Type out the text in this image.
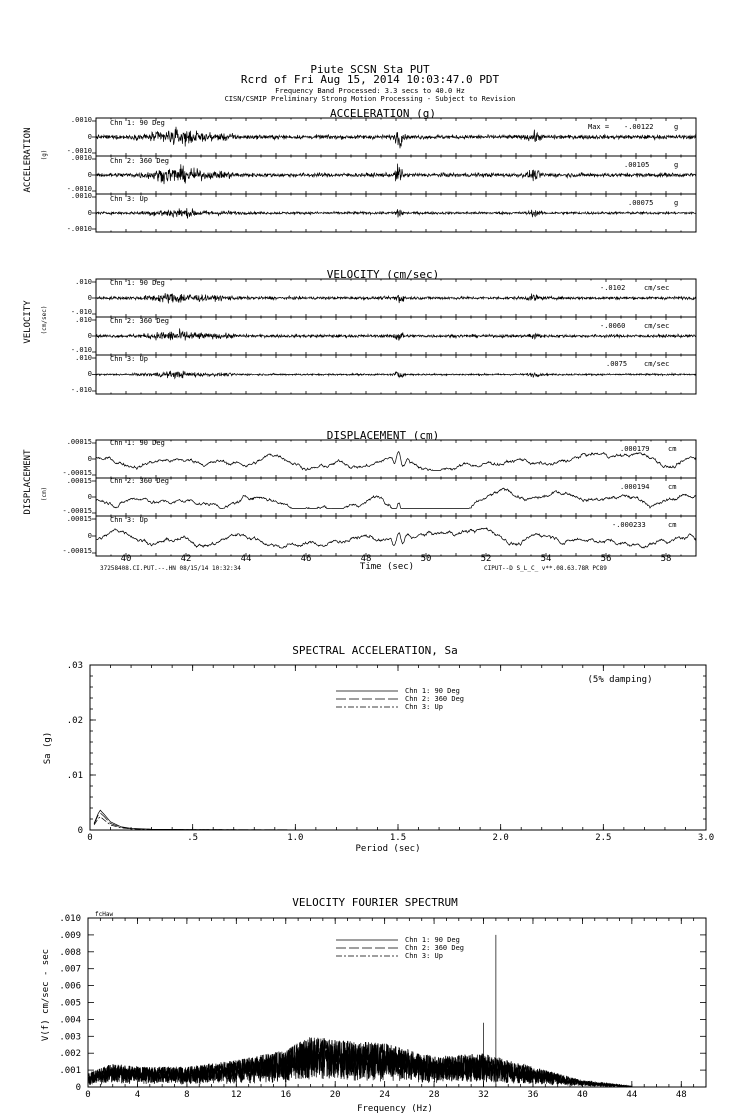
Piute SCSN Sta PUT
Rcrd of Fri Aug 15, 2014 10:03:47.0 PDT
Frequency Band Processed: 3.3 secs to 40.0 Hz
CISN/CSMIP Preliminary Strong Motion Processing - Subject to Revision
ACCELERATION (g)
VELOCITY (cm/sec)
DISPLACEMENT (cm)
ACCELERATION (g)
VELOCITY (cm/sec)
DISPLACEMENT (cm)
Chn 1: 90 Deg
Chn 2: 360 Deg
Chn 3: Up
Max = -.00122	g
.00105	g
.00075	g
.0010
0
-.0010
.0010
0
-.0010
.0010
0
-.0010
Chn 1: 90 Deg
Chn 2: 360 Deg
Chn 3: Up
-.0102	cm/sec
-.0060	cm/sec
.0075 cm/sec
.010
0
-.010
.010
0
-.010
.010
0
-.010
Chn 1: 90 Deg
Chn 2: 360 Deg
Chn 3: Up
.000179	cm
.000194	cm
-.000233	cm
.00015
0
-.00015
.00015
0
-.00015
.00015
0
-.00015
Time (sec)
37258408.CI.PUT.--.HN 08/15/14 10:32:34	CIPUT--D S_L_C_ v**.08.63.78R PC89
SPECTRAL ACCELERATION, Sa
(5% damping)
Period (sec)
Sa (g)
Chn 1: 90 Deg
Chn 2: 360 Deg
Chn 3: Up
VELOCITY FOURIER SPECTRUM
fcHaw
Frequency (Hz)
V(f) cm/sec - sec
Chn 1: 90 Deg
Chn 2: 360 Deg
Chn 3: Up
40	42	44	46	48	50	52	54	56	58
0	.5	1.0	1.5	2.0	2.5	3.0
0
.01
.02
.03
0	4	8	12	16	20	24	28	32	36	40	44	48
0
.001
.002
.003
.004
.005
.006
.007
.008
.009
.010
